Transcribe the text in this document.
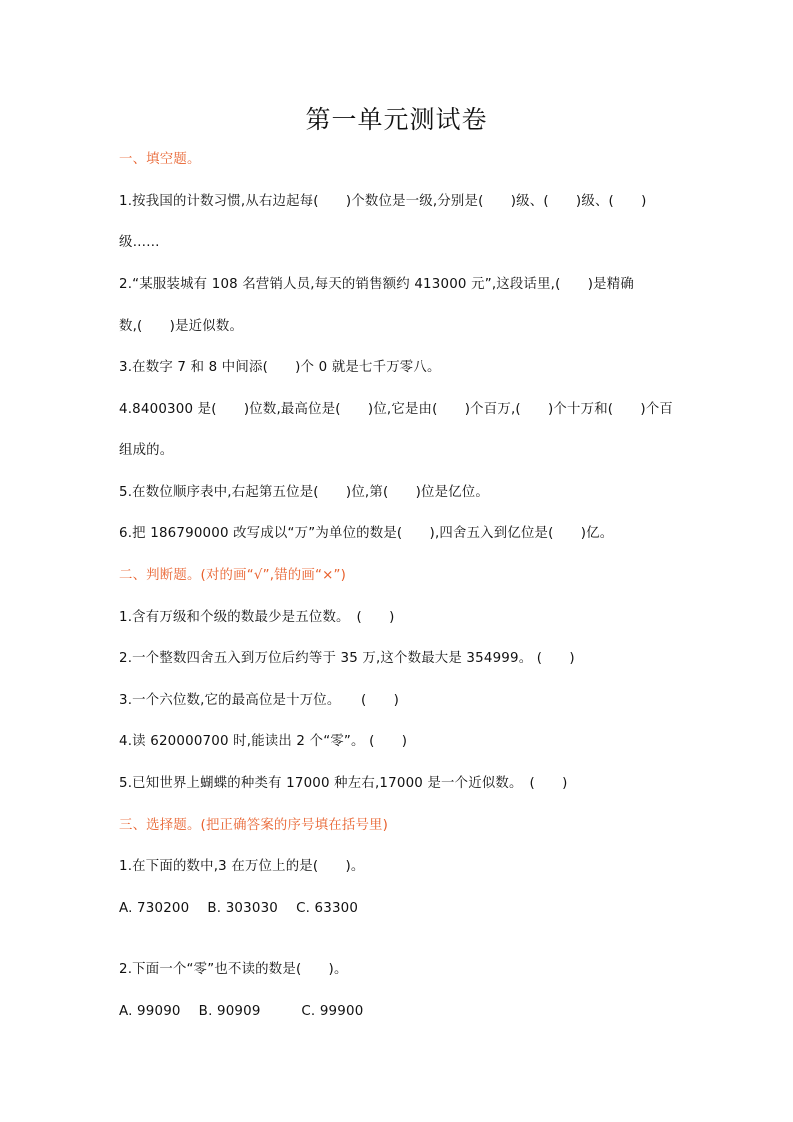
第一单元测试卷
一、填空题。
1.按我国的计数习惯,从右边起每(　　)个数位是一级,分别是(　　)级、(　　)级、(　　)
级……
2.“某服装城有 108 名营销人员,每天的销售额约 413000 元”,这段话里,(　　)是精确
数,(　　)是近似数。
3.在数字 7 和 8 中间添(　　)个 0 就是七千万零八。
4.8400300 是(　　)位数,最高位是(　　)位,它是由(　　)个百万,(　　)个十万和(　　)个百
组成的。
5.在数位顺序表中,右起第五位是(　　)位,第(　　)位是亿位。
6.把 186790000 改写成以“万”为单位的数是(　　),四舍五入到亿位是(　　)亿。
二、判断题。(对的画“√”,错的画“×”)
1.含有万级和个级的数最少是五位数。　(　　)
2.一个整数四舍五入到万位后约等于 35 万,这个数最大是 354999。 (　　)
3.一个六位数,它的最高位是十万位。　　(　　)
4.读 620000700 时,能读出 2 个“零”。 (　　)
5.已知世界上蝴蝶的种类有 17000 种左右,17000 是一个近似数。　(　　)
三、选择题。(把正确答案的序号填在括号里)
1.在下面的数中,3 在万位上的是(　　)。
A. 730200　 B. 303030　 C. 63300
2.下面一个“零”也不读的数是(　　)。
A. 99090　 B. 90909　　　C. 99900
